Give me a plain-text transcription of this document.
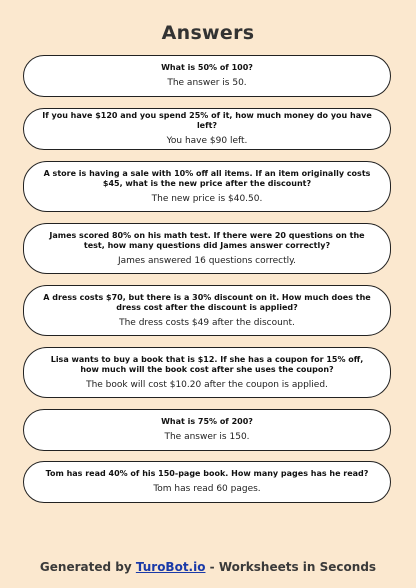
Answers
What is 50% of 100?
The answer is 50.
If you have $120 and you spend 25% of it, how much money do you have left?
You have $90 left.
A store is having a sale with 10% off all items. If an item originally costs $45, what is the new price after the discount?
The new price is $40.50.
James scored 80% on his math test. If there were 20 questions on the test, how many questions did James answer correctly?
James answered 16 questions correctly.
A dress costs $70, but there is a 30% discount on it. How much does the dress cost after the discount is applied?
The dress costs $49 after the discount.
Lisa wants to buy a book that is $12. If she has a coupon for 15% off, how much will the book cost after she uses the coupon?
The book will cost $10.20 after the coupon is applied.
What is 75% of 200?
The answer is 150.
Tom has read 40% of his 150-page book. How many pages has he read?
Tom has read 60 pages.
Generated by TuroBot.io - Worksheets in Seconds
